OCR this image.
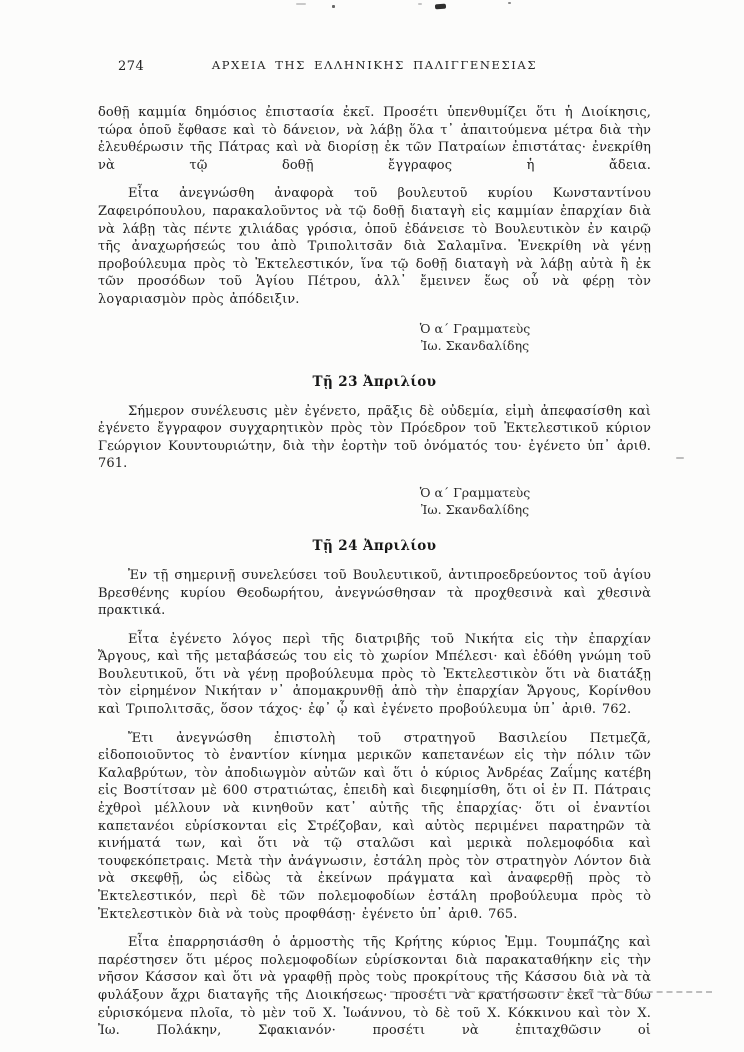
274	ΑΡΧΕΙΑ ΤΗΣ ΕΛΛΗΝΙΚΗΣ ΠΑΛΙΓΓΕΝΕΣΙΑΣ

δοθῇ καμμία δημόσιος ἐπιστασία ἐκεῖ. Προσέτι ὑπενθυμίζει ὅτι ἡ Διοίκησις, τώρα ὁποῦ ἔφθασε καὶ τὸ δάνειον, νὰ λάβῃ ὅλα τ᾽ ἀπαιτούμενα μέτρα διὰ τὴν ἐλευθέρωσιν τῆς Πάτρας καὶ νὰ διορίσῃ ἐκ τῶν Πατραίων ἐπιστάτας· ἐνεκρίθη νὰ τῷ δοθῇ ἔγγραφος ἡ ἄδεια.

Εἶτα ἀνεγνώσθη ἀναφορὰ τοῦ βουλευτοῦ κυρίου Κωνσταντίνου Ζαφειρόπουλου, παρακαλοῦντος νὰ τῷ δοθῇ διαταγὴ εἰς καμμίαν ἐπαρχίαν διὰ νὰ λάβῃ τὰς πέντε χιλιάδας γρόσια, ὁποῦ ἐδάνεισε τὸ Βουλευτικὸν ἐν καιρῷ τῆς ἀναχωρήσεώς του ἀπὸ Τριπολιτσᾶν διὰ Σαλαμῖνα. Ἐνεκρίθη νὰ γένῃ προβούλευμα πρὸς τὸ Ἐκτελεστικόν, ἵνα τῷ δοθῇ διαταγὴ νὰ λάβῃ αὐτὰ ἢ ἐκ τῶν προσόδων τοῦ Ἁγίου Πέτρου, ἀλλ᾽ ἔμεινεν ἕως οὗ νὰ φέρῃ τὸν λογαριασμὸν πρὸς ἀπόδειξιν.

Ὁ α´ Γραμματεὺς
Ἰω. Σκανδαλίδης
Τῇ 23 Ἀπριλίου

Σήμερον συνέλευσις μὲν ἐγένετο, πρᾶξις δὲ οὐδεμία, εἰμὴ ἀπεφασίσθη καὶ ἐγένετο ἔγγραφον συγχαρητικὸν πρὸς τὸν Πρόεδρον τοῦ Ἐκτελεστικοῦ κύριον Γεώργιον Κουντουριώτην, διὰ τὴν ἑορτὴν τοῦ ὀνόματός του· ἐγένετο ὑπ᾽ ἀριθ. 761.

Ὁ α´ Γραμματεὺς
Ἰω. Σκανδαλίδης
Τῇ 24 Ἀπριλίου

Ἐν τῇ σημερινῇ συνελεύσει τοῦ Βουλευτικοῦ, ἀντιπροεδρεύοντος τοῦ ἁγίου Βρεσθένης κυρίου Θεοδωρήτου, ἀνεγνώσθησαν τὰ προχθεσινὰ καὶ χθεσινὰ πρακτικά.

Εἶτα ἐγένετο λόγος περὶ τῆς διατριβῆς τοῦ Νικήτα εἰς τὴν ἐπαρχίαν Ἄργους, καὶ τῆς μεταβάσεώς του εἰς τὸ χωρίον Μπέλεσι· καὶ ἐδόθη γνώμη τοῦ Βουλευτικοῦ, ὅτι νὰ γένῃ προβούλευμα πρὸς τὸ Ἐκτελεστικὸν ὅτι νὰ διατάξῃ τὸν εἰρημένον Νικήταν ν᾽ ἀπομακρυνθῇ ἀπὸ τὴν ἐπαρχίαν Ἄργους, Κορίνθου καὶ Τριπολιτσᾶς, ὅσον τάχος· ἐφ᾽ ᾧ καὶ ἐγένετο προβούλευμα ὑπ᾽ ἀριθ. 762.

Ἔτι ἀνεγνώσθη ἐπιστολὴ τοῦ στρατηγοῦ Βασιλείου Πετμεζᾶ, εἰδοποιοῦντος τὸ ἐναντίον κίνημα μερικῶν καπετανέων εἰς τὴν πόλιν τῶν Καλαβρύτων, τὸν ἀποδιωγμὸν αὐτῶν καὶ ὅτι ὁ κύριος Ἀνδρέας Ζαΐμης κατέβη εἰς Βοστίτσαν μὲ 600 στρατιώτας, ἐπειδὴ καὶ διεφημίσθη, ὅτι οἱ ἐν Π. Πάτραις ἐχθροὶ μέλλουν νὰ κινηθοῦν κατ᾽ αὐτῆς τῆς ἐπαρχίας· ὅτι οἱ ἐναντίοι καπετανέοι εὑρίσκονται εἰς Στρέζοβαν, καὶ αὐτὸς περιμένει παρατηρῶν τὰ κινήματά των, καὶ ὅτι νὰ τῷ σταλῶσι καὶ μερικὰ πολεμοφόδια καὶ τουφεκόπετραις. Μετὰ τὴν ἀνάγνωσιν, ἐστάλη πρὸς τὸν στρατηγὸν Λόντον διὰ νὰ σκεφθῇ, ὡς εἰδὼς τὰ ἐκείνων πράγματα καὶ ἀναφερθῇ πρὸς τὸ Ἐκτελεστικόν, περὶ δὲ τῶν πολεμοφοδίων ἐστάλη προβούλευμα πρὸς τὸ Ἐκτελεστικὸν διὰ νὰ τοὺς προφθάσῃ· ἐγένετο ὑπ᾽ ἀριθ. 765.

Εἶτα ἐπαρρησιάσθη ὁ ἁρμοστὴς τῆς Κρήτης κύριος Ἐμμ. Τουμπάζης καὶ παρέστησεν ὅτι μέρος πολεμοφοδίων εὑρίσκονται διὰ παρακαταθήκην εἰς τὴν νῆσον Κάσσον καὶ ὅτι νὰ γραφθῇ πρὸς τοὺς προκρίτους τῆς Κάσσου διὰ νὰ τὰ φυλάξουν ἄχρι διαταγῆς τῆς Διοικήσεως· προσέτι νὰ κρατήσωσιν ἐκεῖ τὰ δύω εὑρισκόμενα πλοῖα, τὸ μὲν τοῦ Χ. Ἰωάννου, τὸ δὲ τοῦ Χ. Κόκκινου καὶ τὸν Χ. Ἰω. Πολάκην, Σφακιανόν· προσέτι νὰ ἐπιταχθῶσιν οἱ
